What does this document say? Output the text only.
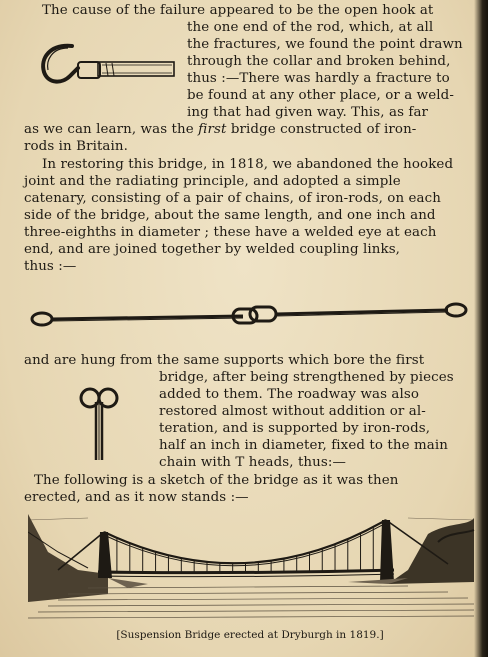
The cause of the failure appeared to be the open hook at
the one end of the rod, which, at all
the fractures, we found the point drawn
through the collar and broken behind,
thus :—There was hardly a fracture to
be found at any other place, or a weld-
ing that had given way. This, as far
as we can learn, was the first bridge constructed of iron-
rods in Britain.
In restoring this bridge, in 1818, we abandoned the hooked
joint and the radiating principle, and adopted a simple
catenary, consisting of a pair of chains, of iron-rods, on each
side of the bridge, about the same length, and one inch and
three-eighths in diameter ; these have a welded eye at each
end, and are joined together by welded coupling links,
thus :—
and are hung from the same supports which bore the first
bridge, after being strengthened by pieces
added to them. The roadway was also
restored almost without addition or al-
teration, and is supported by iron-rods,
half an inch in diameter, fixed to the main
chain with T heads, thus:—
The following is a sketch of the bridge as it was then
erected, and as it now stands :—
[Suspension Bridge erected at Dryburgh in 1819.]
